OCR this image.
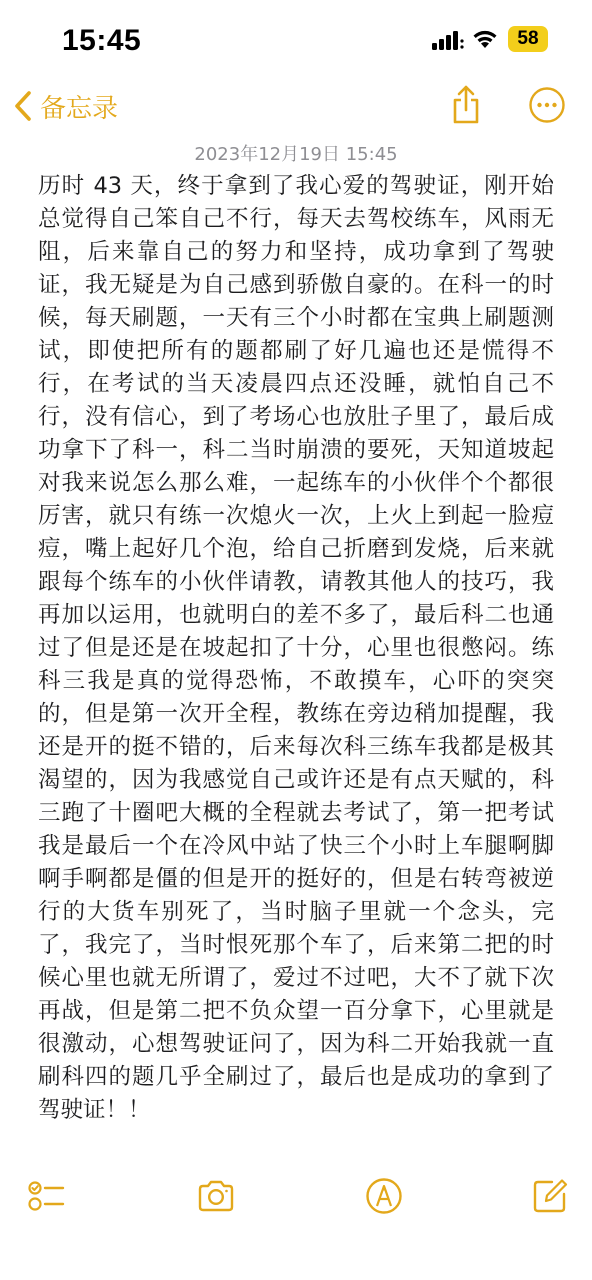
15:45	58
备忘录
2023年12月19日 15:45
历时 43 天，终于拿到了我心爱的驾驶证，刚开始
总觉得自己笨自己不行，每天去驾校练车，风雨无
阻，后来靠自己的努力和坚持，成功拿到了驾驶
证，我无疑是为自己感到骄傲自豪的。在科一的时
候，每天刷题，一天有三个小时都在宝典上刷题测
试，即使把所有的题都刷了好几遍也还是慌得不
行，在考试的当天凌晨四点还没睡，就怕自己不
行，没有信心，到了考场心也放肚子里了，最后成
功拿下了科一，科二当时崩溃的要死，天知道坡起
对我来说怎么那么难，一起练车的小伙伴个个都很
厉害，就只有练一次熄火一次，上火上到起一脸痘
痘，嘴上起好几个泡，给自己折磨到发烧，后来就
跟每个练车的小伙伴请教，请教其他人的技巧，我
再加以运用，也就明白的差不多了，最后科二也通
过了但是还是在坡起扣了十分，心里也很憋闷。练
科三我是真的觉得恐怖，不敢摸车，心吓的突突
的，但是第一次开全程，教练在旁边稍加提醒，我
还是开的挺不错的，后来每次科三练车我都是极其
渴望的，因为我感觉自己或许还是有点天赋的，科
三跑了十圈吧大概的全程就去考试了，第一把考试
我是最后一个在冷风中站了快三个小时上车腿啊脚
啊手啊都是僵的但是开的挺好的，但是右转弯被逆
行的大货车别死了，当时脑子里就一个念头，完
了，我完了，当时恨死那个车了，后来第二把的时
候心里也就无所谓了，爱过不过吧，大不了就下次
再战，但是第二把不负众望一百分拿下，心里就是
很激动，心想驾驶证问了，因为科二开始我就一直
刷科四的题几乎全刷过了，最后也是成功的拿到了
驾驶证！！
